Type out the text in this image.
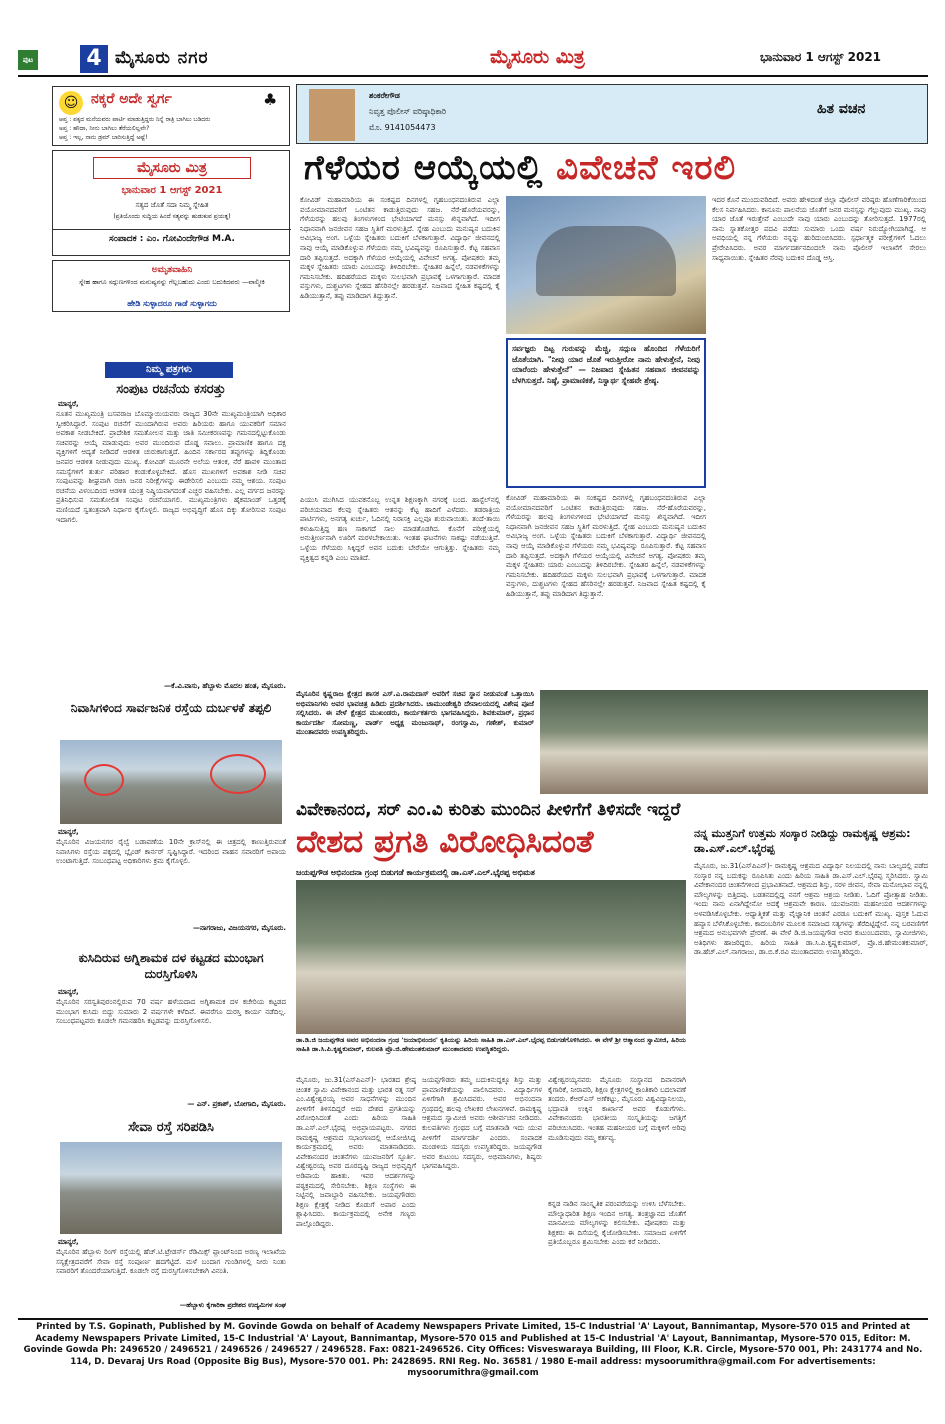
ಪುಟ 4 ಮೈಸೂರು ನಗರ	ಮೈಸೂರು ಮಿತ್ರ	ಭಾನುವಾರ 1 ಆಗಸ್ಟ್ 2021
☺ ನಕ್ಕರೆ ಅದೇ ಸ್ವರ್ಗ	♣
ಆಪ್ತ : ಪಕ್ಕದ ಮನೆಯವರು ಪಾರ್ಟಿ ಮಾಡುತ್ತಿದ್ದರು ನಿನ್ನೆ ರಾತ್ರಿ ಬಾಗಿಲು ಬಡಿದರು
ಅಪ್ತ : ಹೌದಾ, ನೀನು ಬಾಗಿಲು ತೆರೆಯಲಿಲ್ಲವೇ?
ಆಪ್ತ : ಇಲ್ಲ, ನಾನು ಡ್ರಮ್ ಬಾರಿಸುತ್ತಿದ್ದೆ ಅಷ್ಟೆ!
ಮೈಸೂರು ಮಿತ್ರ
ಭಾನುವಾರ 1 ಆಗಸ್ಟ್ 2021
ಸತ್ಯದ ಜೊತೆ ಸದಾ ನಿಮ್ಮ ಸ್ನೇಹಿತ
(ಪ್ರತಿಯೊಂದು ಸುದ್ದಿಯ ಹಿಂದೆ ಸತ್ಯವನ್ನು ಹುಡುಕುವ ಪ್ರಯತ್ನ)
ಸಂಪಾದಕ : ಎಂ. ಗೋವಿಂದೇಗೌಡ M.A.
ಅಮೃತವಾಹಿನಿ
ಸ್ನೇಹ ಹಾಗೂ ಸದ್ಗುಣಗಳಿಂದ ಮನುಷ್ಯನನ್ನು ಗೆಲ್ಲಬಹುದು ಎಂದು ಬದುಕಿದವರು —ವಾಲ್ಮೀಕಿ
ಹೇಡಿ ಸುಳ್ಳಾದರೂ ಗಾಡೆ ಸುಳ್ಳಾಗದು
ನಿಮ್ಮ ಪತ್ರಗಳು
ಸಂಪುಟ ರಚನೆಯ ಕಸರತ್ತು
ಮಾನ್ಯರೆ,
ನೂತನ ಮುಖ್ಯಮಂತ್ರಿ ಬಸವರಾಜ ಬೊಮ್ಮಾಯಿಯವರು ರಾಜ್ಯದ 30ನೇ ಮುಖ್ಯಮಂತ್ರಿಯಾಗಿ ಅಧಿಕಾರ ಸ್ವೀಕರಿಸಿದ್ದಾರೆ. ಸಂಪುಟ ರಚನೆಗೆ ಮುಂದಾಗಿರುವ ಅವರು ಹಿರಿಯರು ಹಾಗೂ ಯುವಕರಿಗೆ ಸಮಾನ ಅವಕಾಶ ನೀಡಬೇಕಿದೆ. ಪ್ರಾದೇಶಿಕ ಸಮತೋಲನ ಮತ್ತು ಜಾತಿ ಸಮೀಕರಣವನ್ನು ಗಮನದಲ್ಲಿಟ್ಟುಕೊಂಡು ಸಚಿವರನ್ನು ಆಯ್ಕೆ ಮಾಡುವುದು ಅವರ ಮುಂದಿರುವ ದೊಡ್ಡ ಸವಾಲು. ಪ್ರಾಮಾಣಿಕ ಹಾಗೂ ದಕ್ಷ ವ್ಯಕ್ತಿಗಳಿಗೆ ಆದ್ಯತೆ ನೀಡಿದರೆ ಆಡಳಿತ ಚುರುಕಾಗುತ್ತದೆ. ಹಿಂದಿನ ಸರ್ಕಾರದ ತಪ್ಪುಗಳನ್ನು ತಿದ್ದಿಕೊಂಡು ಜನಪರ ಆಡಳಿತ ನೀಡುವುದು ಮುಖ್ಯ. ಕೋವಿಡ್ ಮೂರನೇ ಅಲೆಯ ಆತಂಕ, ನೆರೆ ಹಾವಳಿ ಮುಂತಾದ ಸಮಸ್ಯೆಗಳಿಗೆ ತುರ್ತು ಪರಿಹಾರ ಕಂಡುಕೊಳ್ಳಬೇಕಿದೆ. ಹೊಸ ಮುಖಗಳಿಗೆ ಅವಕಾಶ ನೀಡಿ ಸಚಿವ ಸಂಪುಟವನ್ನು ಶೀಘ್ರವಾಗಿ ರಚಿಸಿ ಜನರ ನಿರೀಕ್ಷೆಗಳನ್ನು ಈಡೇರಿಸಲಿ ಎಂಬುದು ನಮ್ಮ ಆಶಯ. ಸಂಪುಟ ರಚನೆಯ ವಿಳಂಬದಿಂದ ಆಡಳಿತ ಯಂತ್ರ ನಿಷ್ಕ್ರಿಯವಾಗದಂತೆ ಎಚ್ಚರ ವಹಿಸಬೇಕು. ಎಲ್ಲ ವರ್ಗದ ಜನರನ್ನು ಪ್ರತಿನಿಧಿಸುವ ಸಮತೋಲಿತ ಸಂಪುಟ ರಚನೆಯಾಗಲಿ. ಮುಖ್ಯಮಂತ್ರಿಗಳು ಹೈಕಮಾಂಡ್ ಒತ್ತಡಕ್ಕೆ ಮಣಿಯದೆ ಸ್ವತಂತ್ರವಾಗಿ ನಿರ್ಧಾರ ಕೈಗೊಳ್ಳಲಿ. ರಾಜ್ಯದ ಅಭಿವೃದ್ಧಿಗೆ ಹೊಸ ದಿಕ್ಕು ತೋರಿಸುವ ಸಂಪುಟ ಇದಾಗಲಿ.
—ಕೆ.ವಿ.ವಾಸು, ಹೆಬ್ಬಾಳು ಮೊದಲ ಹಂತ, ಮೈಸೂರು.
ನಿವಾಸಿಗಳಿಂದ ಸಾರ್ವಜನಿಕ ರಸ್ತೆಯ ದುರ್ಬಳಕೆ ತಪ್ಪಲಿ
ಮಾನ್ಯರೆ,
ಮೈಸೂರಿನ ವಿಜಯನಗರ ರೈಲ್ವೆ ಬಡಾವಣೆಯ 10ನೇ ಕ್ರಾಸ್‌ನಲ್ಲಿ ಈ ಚಿತ್ರದಲ್ಲಿ ಕಾಣುತ್ತಿರುವಂತೆ ನಿವಾಸಿಗಳು ರಸ್ತೆಯ ಪಕ್ಕದಲ್ಲಿ ಬ್ಲೈಂಡ್ ಕಾರ್ನರ್ ಸೃಷ್ಟಿಸಿದ್ದಾರೆ. ಇದರಿಂದ ವಾಹನ ಸವಾರರಿಗೆ ಅಪಾಯ ಉಂಟಾಗುತ್ತಿದೆ. ಸಂಬಂಧಪಟ್ಟ ಅಧಿಕಾರಿಗಳು ಕ್ರಮ ಕೈಗೊಳ್ಳಲಿ.
—ನಾಗರಾಜು, ವಿಜಯನಗರ, ಮೈಸೂರು.
ಕುಸಿದಿರುವ ಅಗ್ನಿಶಾಮಕ ದಳ ಕಟ್ಟಡದ ಮುಂಭಾಗ ದುರಸ್ತಿಗೊಳಿಸಿ
ಮಾನ್ಯರೆ,
ಮೈಸೂರಿನ ಸರಸ್ವತಿಪುರಂನಲ್ಲಿರುವ 70 ವರ್ಷ ಹಳೆಯದಾದ ಅಗ್ನಿಶಾಮಕ ದಳ ಕಚೇರಿಯ ಕಟ್ಟಡದ ಮುಂಭಾಗ ಕುಸಿದು ಬಿದ್ದು ಸುಮಾರು 2 ವರ್ಷಗಳೇ ಕಳೆದಿವೆ. ಈವರೆಗೂ ದುರಸ್ತಿ ಕಾರ್ಯ ನಡೆದಿಲ್ಲ. ಸಂಬಂಧಪಟ್ಟವರು ಕೂಡಲೇ ಗಮನಹರಿಸಿ ಕಟ್ಟಡವನ್ನು ದುರಸ್ತಿಗೊಳಿಸಲಿ.
— ಎನ್. ಪ್ರಕಾಶ್, ಬೋಗಾದಿ, ಮೈಸೂರು.
ಸೇವಾ ರಸ್ತೆ ಸರಿಪಡಿಸಿ
ಮಾನ್ಯರೆ,
ಮೈಸೂರಿನ ಹೆಬ್ಬಾಳು ರಿಂಗ್ ರಸ್ತೆಯಲ್ಲಿ ಹೆಚ್.ಟಿ.ಟ್ರೇಡರ್ಸ್ ರೆಡಿಮಿಕ್ಸ್ ಪ್ಲಾಂಟ್‌ನಿಂದ ಅರಣ್ಯ ಇಲಾಖೆಯ ಸಸ್ಯಕ್ಷೇತ್ರದವರೆಗೆ ಸೇವಾ ರಸ್ತೆ ಸಂಪೂರ್ಣ ಹದಗೆಟ್ಟಿದೆ. ಮಳೆ ಬಂದಾಗ ಗುಂಡಿಗಳಲ್ಲಿ ನೀರು ನಿಂತು ಸವಾರರಿಗೆ ತೊಂದರೆಯಾಗುತ್ತಿದೆ. ಕೂಡಲೇ ರಸ್ತೆ ದುರಸ್ತಿಗೊಳಿಸಬೇಕಾಗಿ ವಿನಂತಿ.
—ಹೆಬ್ಬಾಳು ಕೈಗಾರಿಕಾ ಪ್ರದೇಶದ ಉದ್ಯಮಿಗಳ ಸಂಘ
ಶಂಕರೇಗೌಡ
ನಿವೃತ್ತ ಪೊಲೀಸ್ ವರಿಷ್ಠಾಧಿಕಾರಿ
ಮೊ. 9141054473
ಹಿತ ವಚನ
ಗೆಳೆಯರ ಆಯ್ಕೆಯಲ್ಲಿ ವಿವೇಚನೆ ಇರಲಿ
ಕೋವಿಡ್ ಮಹಾಮಾರಿಯ ಈ ಸಂಕಷ್ಟದ ದಿನಗಳಲ್ಲಿ ಗೃಹಬಂಧನದಂತಿರುವ ಎಲ್ಲಾ ವಯೋಮಾನದವರಿಗೆ ಒಂಟಿತನ ಕಾಡುತ್ತಿರುವುದು ಸಹಜ. ನೆರೆ-ಹೊರೆಯವರನ್ನು, ಗೆಳೆಯರನ್ನು ಹಲವು ತಿಂಗಳುಗಳಿಂದ ಭೇಟಿಯಾಗದೆ ಮನಸ್ಸು ಖಿನ್ನವಾಗಿದೆ. ಇದೀಗ ನಿಧಾನವಾಗಿ ಜನಜೀವನ ಸಹಜ ಸ್ಥಿತಿಗೆ ಮರಳುತ್ತಿದೆ. ಸ್ನೇಹ ಎಂಬುದು ಮನುಷ್ಯನ ಬದುಕಿನ ಅವಿಭಾಜ್ಯ ಅಂಗ. ಒಳ್ಳೆಯ ಸ್ನೇಹಿತರು ಬದುಕಿಗೆ ಬೆಳಕಾಗುತ್ತಾರೆ. ವಿದ್ಯಾರ್ಥಿ ಜೀವನದಲ್ಲಿ ನಾವು ಆಯ್ಕೆ ಮಾಡಿಕೊಳ್ಳುವ ಗೆಳೆಯರು ನಮ್ಮ ಭವಿಷ್ಯವನ್ನು ರೂಪಿಸುತ್ತಾರೆ. ಕೆಟ್ಟ ಸಹವಾಸ ದಾರಿ ತಪ್ಪಿಸುತ್ತದೆ. ಅದಕ್ಕಾಗಿ ಗೆಳೆಯರ ಆಯ್ಕೆಯಲ್ಲಿ ವಿವೇಚನೆ ಅಗತ್ಯ. ಪೋಷಕರು ತಮ್ಮ ಮಕ್ಕಳ ಸ್ನೇಹಿತರು ಯಾರು ಎಂಬುದನ್ನು ತಿಳಿದಿರಬೇಕು. ಸ್ನೇಹಿತರ ಹಿನ್ನೆಲೆ, ನಡವಳಿಕೆಗಳನ್ನು ಗಮನಿಸಬೇಕು. ಹದಿಹರೆಯದ ಮಕ್ಕಳು ಸುಲಭವಾಗಿ ಪ್ರಭಾವಕ್ಕೆ ಒಳಗಾಗುತ್ತಾರೆ. ಮಾದಕ ವಸ್ತುಗಳು, ದುಶ್ಚಟಗಳು ಸ್ನೇಹದ ಹೆಸರಿನಲ್ಲೇ ಹರಡುತ್ತವೆ. ನಿಜವಾದ ಸ್ನೇಹಿತ ಕಷ್ಟದಲ್ಲಿ ಕೈ ಹಿಡಿಯುತ್ತಾನೆ, ತಪ್ಪು ಮಾಡಿದಾಗ ತಿದ್ದುತ್ತಾನೆ.
ಪಿಯುಸಿ ಮುಗಿಸಿದ ಯುವಕನೊಬ್ಬ ಉನ್ನತ ಶಿಕ್ಷಣಕ್ಕಾಗಿ ನಗರಕ್ಕೆ ಬಂದ. ಹಾಸ್ಟೆಲ್‌ನಲ್ಲಿ ಪರಿಚಯವಾದ ಕೆಲವು ಸ್ನೇಹಿತರು ಆತನನ್ನು ಕೆಟ್ಟ ಹಾದಿಗೆ ಎಳೆದರು. ತಡರಾತ್ರಿಯ ಪಾರ್ಟಿಗಳು, ಅನಗತ್ಯ ಖರ್ಚು, ಓದಿನಲ್ಲಿ ನಿರಾಸಕ್ತಿ ಎಲ್ಲವೂ ಶುರುವಾಯಿತು. ತಂದೆ-ತಾಯಿ ಕಳುಹಿಸುತ್ತಿದ್ದ ಹಣ ಸಾಕಾಗದೆ ಸಾಲ ಮಾಡತೊಡಗಿದ. ಕೊನೆಗೆ ಪರೀಕ್ಷೆಯಲ್ಲಿ ಅನುತ್ತೀರ್ಣನಾಗಿ ಊರಿಗೆ ಮರಳಬೇಕಾಯಿತು. ಇಂತಹ ಘಟನೆಗಳು ಸಾಕಷ್ಟು ನಡೆಯುತ್ತಿವೆ. ಒಳ್ಳೆಯ ಗೆಳೆಯರು ಸಿಕ್ಕಿದ್ದರೆ ಅವನ ಬದುಕು ಬೇರೆಯೇ ಆಗುತ್ತಿತ್ತು. ಸ್ನೇಹಿತರು ನಮ್ಮ ವ್ಯಕ್ತಿತ್ವದ ಕನ್ನಡಿ ಎಂಬ ಮಾತಿದೆ.
ಸರ್ವಜ್ಞರು ದಿಟ್ಟ ಗುರುವನ್ನು ಮೆಚ್ಚಿ, ಸದ್ಗುಣ ಹೊಂದಿದ ಗೆಳೆಯರಿಗೆ ಜೊತೆಯಾಗಿ. "ನೀವು ಯಾರ ಜೊತೆ ಇರುತ್ತೀರೋ ನಾನು ಹೇಳುತ್ತೇನೆ, ನೀವು ಯಾರೆಂದು ಹೇಳುತ್ತೇನೆ" — ನಿಜವಾದ ಸ್ನೇಹಿತನ ಸಹವಾಸ ಜೀವನವನ್ನು ಬೆಳಗಿಸುತ್ತದೆ. ನಿಷ್ಠೆ, ಪ್ರಾಮಾಣಿಕತೆ, ನಿಸ್ವಾರ್ಥ ಸ್ನೇಹವೇ ಶ್ರೇಷ್ಠ.
ಕೋವಿಡ್ ಮಹಾಮಾರಿಯ ಈ ಸಂಕಷ್ಟದ ದಿನಗಳಲ್ಲಿ ಗೃಹಬಂಧನದಂತಿರುವ ಎಲ್ಲಾ ವಯೋಮಾನದವರಿಗೆ ಒಂಟಿತನ ಕಾಡುತ್ತಿರುವುದು ಸಹಜ. ನೆರೆ-ಹೊರೆಯವರನ್ನು, ಗೆಳೆಯರನ್ನು ಹಲವು ತಿಂಗಳುಗಳಿಂದ ಭೇಟಿಯಾಗದೆ ಮನಸ್ಸು ಖಿನ್ನವಾಗಿದೆ. ಇದೀಗ ನಿಧಾನವಾಗಿ ಜನಜೀವನ ಸಹಜ ಸ್ಥಿತಿಗೆ ಮರಳುತ್ತಿದೆ. ಸ್ನೇಹ ಎಂಬುದು ಮನುಷ್ಯನ ಬದುಕಿನ ಅವಿಭಾಜ್ಯ ಅಂಗ. ಒಳ್ಳೆಯ ಸ್ನೇಹಿತರು ಬದುಕಿಗೆ ಬೆಳಕಾಗುತ್ತಾರೆ. ವಿದ್ಯಾರ್ಥಿ ಜೀವನದಲ್ಲಿ ನಾವು ಆಯ್ಕೆ ಮಾಡಿಕೊಳ್ಳುವ ಗೆಳೆಯರು ನಮ್ಮ ಭವಿಷ್ಯವನ್ನು ರೂಪಿಸುತ್ತಾರೆ. ಕೆಟ್ಟ ಸಹವಾಸ ದಾರಿ ತಪ್ಪಿಸುತ್ತದೆ. ಅದಕ್ಕಾಗಿ ಗೆಳೆಯರ ಆಯ್ಕೆಯಲ್ಲಿ ವಿವೇಚನೆ ಅಗತ್ಯ. ಪೋಷಕರು ತಮ್ಮ ಮಕ್ಕಳ ಸ್ನೇಹಿತರು ಯಾರು ಎಂಬುದನ್ನು ತಿಳಿದಿರಬೇಕು. ಸ್ನೇಹಿತರ ಹಿನ್ನೆಲೆ, ನಡವಳಿಕೆಗಳನ್ನು ಗಮನಿಸಬೇಕು. ಹದಿಹರೆಯದ ಮಕ್ಕಳು ಸುಲಭವಾಗಿ ಪ್ರಭಾವಕ್ಕೆ ಒಳಗಾಗುತ್ತಾರೆ. ಮಾದಕ ವಸ್ತುಗಳು, ದುಶ್ಚಟಗಳು ಸ್ನೇಹದ ಹೆಸರಿನಲ್ಲೇ ಹರಡುತ್ತವೆ. ನಿಜವಾದ ಸ್ನೇಹಿತ ಕಷ್ಟದಲ್ಲಿ ಕೈ ಹಿಡಿಯುತ್ತಾನೆ, ತಪ್ಪು ಮಾಡಿದಾಗ ತಿದ್ದುತ್ತಾನೆ.
ಇದರ ಕೊನೆ ಮುಂದುವರಿದಿದೆ. ಅವರು ಹೇಳಿದಂತೆ ಜಿಲ್ಲಾ ಪೊಲೀಸ್ ವರಿಷ್ಠರು ಹೊಣೆಗಾರಿಕೆಯಿಂದ ಕೆಲಸ ನಿರ್ವಹಿಸಿದರು. ಕಾನೂನು ಪಾಲನೆಯ ಜೊತೆಗೆ ಜನರ ಮನಸ್ಸನ್ನು ಗೆಲ್ಲುವುದು ಮುಖ್ಯ. ನಾವು ಯಾರ ಜೊತೆ ಇರುತ್ತೇವೆ ಎಂಬುದೇ ನಾವು ಯಾರು ಎಂಬುದನ್ನು ತೋರಿಸುತ್ತದೆ. 1977ರಲ್ಲಿ ನಾನು ಸ್ನಾತಕೋತ್ತರ ಪದವಿ ಪಡೆದು ಸುಮಾರು ಒಂದು ವರ್ಷ ನಿರುದ್ಯೋಗಿಯಾಗಿದ್ದೆ. ಆ ಅವಧಿಯಲ್ಲಿ ನನ್ನ ಗೆಳೆಯರು ನನ್ನನ್ನು ಹುರಿದುಂಬಿಸಿದರು. ಸ್ಪರ್ಧಾತ್ಮಕ ಪರೀಕ್ಷೆಗಳಿಗೆ ಓದಲು ಪ್ರೇರೇಪಿಸಿದರು. ಅವರ ಮಾರ್ಗದರ್ಶನದಿಂದಲೇ ನಾನು ಪೊಲೀಸ್ ಇಲಾಖೆಗೆ ಸೇರಲು ಸಾಧ್ಯವಾಯಿತು. ಸ್ನೇಹಿತರ ನೆರವು ಬದುಕಿನ ದೊಡ್ಡ ಆಸ್ತಿ.
ಮೈಸೂರಿನ ಕೃಷ್ಣರಾಜ ಕ್ಷೇತ್ರದ ಶಾಸಕ ಎಸ್.ಎ.ರಾಮದಾಸ್ ಅವರಿಗೆ ಸಚಿವ ಸ್ಥಾನ ನೀಡುವಂತೆ ಒತ್ತಾಯಿಸಿ ಅಭಿಮಾನಿಗಳು ಅವರ ಭಾವಚಿತ್ರ ಹಿಡಿದು ಪ್ರದರ್ಶಿಸಿದರು. ಚಾಮುಂಡೇಶ್ವರಿ ದೇವಾಲಯದಲ್ಲಿ ವಿಶೇಷ ಪೂಜೆ ಸಲ್ಲಿಸಿದರು. ಈ ವೇಳೆ ಕ್ಷೇತ್ರದ ಮುಖಂಡರು, ಕಾರ್ಯಕರ್ತರು ಭಾಗವಹಿಸಿದ್ದರು. ಶಿವಕುಮಾರ್, ಪ್ರಧಾನ ಕಾರ್ಯದರ್ಶಿ ಸೋಮಣ್ಣ, ವಾರ್ಡ್ ಅಧ್ಯಕ್ಷ ಮಂಜುನಾಥ್, ರಂಗಸ್ವಾಮಿ, ಗಣೇಶ್, ಕುಮಾರ್ ಮುಂತಾದವರು ಉಪಸ್ಥಿತರಿದ್ದರು.
ವಿವೇಕಾನಂದ, ಸರ್ ಎಂ.ವಿ ಕುರಿತು ಮುಂದಿನ ಪೀಳಿಗೆಗೆ ತಿಳಿಸದೇ ಇದ್ದರೆ
ದೇಶದ ಪ್ರಗತಿ ವಿರೋಧಿಸಿದಂತೆ
ಜಯಪ್ಪಗೌಡ ಅಭಿನಂದನಾ ಗ್ರಂಥ ಬಿಡುಗಡೆ ಕಾರ್ಯಕ್ರಮದಲ್ಲಿ ಡಾ.ಎಸ್.ಎಲ್.ಭೈರಪ್ಪ ಅಭಿಮತ
ಡಾ.ಡಿ.ಜಿ ಜಯಪ್ಪಗೌಡ ಅವರ ಅಭಿನಂದನಾ ಗ್ರಂಥ 'ಜಯಾಭಿನಂದನ' ಕೃತಿಯನ್ನು ಹಿರಿಯ ಸಾಹಿತಿ ಡಾ.ಎಸ್.ಎಲ್.ಭೈರಪ್ಪ ಬಿಡುಗಡೆಗೊಳಿಸಿದರು. ಈ ವೇಳೆ ಶ್ರೀ ಆತ್ಮಾನಂದ ಸ್ವಾಮೀಜಿ, ಹಿರಿಯ ಸಾಹಿತಿ ಡಾ.ಸಿ.ಪಿ.ಕೃಷ್ಣಕುಮಾರ್, ಕುಲಪತಿ ಪ್ರೊ.ಜಿ.ಹೇಮಂತಕುಮಾರ್ ಮುಂತಾದವರು ಉಪಸ್ಥಿತರಿದ್ದರು.
ಮೈಸೂರು, ಜು.31(ಎಸ್‌ಪಿಎನ್)- ಭಾರತದ ಶ್ರೇಷ್ಠ ಚಿಂತಕ ಸ್ವಾಮಿ ವಿವೇಕಾನಂದ ಮತ್ತು ಭಾರತ ರತ್ನ ಸರ್ ಎಂ.ವಿಶ್ವೇಶ್ವರಯ್ಯ ಅವರ ಸಾಧನೆಗಳನ್ನು ಮುಂದಿನ ಪೀಳಿಗೆಗೆ ತಿಳಿಸದಿದ್ದರೆ ಅದು ದೇಶದ ಪ್ರಗತಿಯನ್ನು ವಿರೋಧಿಸಿದಂತೆ ಎಂದು ಹಿರಿಯ ಸಾಹಿತಿ ಡಾ.ಎಸ್.ಎಲ್.ಭೈರಪ್ಪ ಅಭಿಪ್ರಾಯಪಟ್ಟರು. ನಗರದ ರಾಮಕೃಷ್ಣ ಆಶ್ರಮದ ಸಭಾಂಗಣದಲ್ಲಿ ಆಯೋಜಿಸಿದ್ದ ಕಾರ್ಯಕ್ರಮದಲ್ಲಿ ಅವರು ಮಾತನಾಡಿದರು. ವಿವೇಕಾನಂದರ ಚಿಂತನೆಗಳು ಯುವಜನರಿಗೆ ಸ್ಫೂರ್ತಿ. ವಿಶ್ವೇಶ್ವರಯ್ಯ ಅವರ ದೂರದೃಷ್ಟಿ ರಾಜ್ಯದ ಅಭಿವೃದ್ಧಿಗೆ ಅಡಿಪಾಯ ಹಾಕಿತು. ಇವರ ಆದರ್ಶಗಳನ್ನು ಪಠ್ಯಕ್ರಮದಲ್ಲಿ ಸೇರಿಸಬೇಕು. ಶಿಕ್ಷಣ ಸಂಸ್ಥೆಗಳು ಈ ನಿಟ್ಟಿನಲ್ಲಿ ಜವಾಬ್ದಾರಿ ವಹಿಸಬೇಕು. ಜಯಪ್ಪಗೌಡರು ಶಿಕ್ಷಣ ಕ್ಷೇತ್ರಕ್ಕೆ ನೀಡಿದ ಕೊಡುಗೆ ಅಪಾರ ಎಂದು ಶ್ಲಾಘಿಸಿದರು. ಕಾರ್ಯಕ್ರಮದಲ್ಲಿ ಅನೇಕ ಗಣ್ಯರು ಪಾಲ್ಗೊಂಡಿದ್ದರು.
ಜಯಪ್ಪಗೌಡರು ತಮ್ಮ ಬದುಕಿನುದ್ದಕ್ಕೂ ಶಿಸ್ತು ಮತ್ತು ಪ್ರಾಮಾಣಿಕತೆಯನ್ನು ಪಾಲಿಸಿದವರು. ವಿದ್ಯಾರ್ಥಿಗಳ ಏಳಿಗೆಗಾಗಿ ಶ್ರಮಿಸಿದವರು. ಅವರ ಅಭಿನಂದನಾ ಗ್ರಂಥದಲ್ಲಿ ಹಲವು ಲೇಖಕರ ಲೇಖನಗಳಿವೆ. ರಾಮಕೃಷ್ಣ ಆಶ್ರಮದ ಸ್ವಾಮೀಜಿ ಅವರು ಆಶೀರ್ವಚನ ನೀಡಿದರು. ಕುಲಪತಿಗಳು ಗ್ರಂಥದ ಬಗ್ಗೆ ಮಾತನಾಡಿ ಇದು ಯುವ ಪೀಳಿಗೆಗೆ ಮಾರ್ಗದರ್ಶಿ ಎಂದರು. ಸಂಪಾದಕ ಮಂಡಳಿಯ ಸದಸ್ಯರು ಉಪಸ್ಥಿತರಿದ್ದರು. ಜಯಪ್ಪಗೌಡ ಅವರ ಕುಟುಂಬ ಸದಸ್ಯರು, ಅಭಿಮಾನಿಗಳು, ಶಿಷ್ಯರು ಭಾಗವಹಿಸಿದ್ದರು.
ವಿಶ್ವೇಶ್ವರಯ್ಯನವರು ಮೈಸೂರು ಸಂಸ್ಥಾನದ ದಿವಾನರಾಗಿ ಕೈಗಾರಿಕೆ, ನೀರಾವರಿ, ಶಿಕ್ಷಣ ಕ್ಷೇತ್ರಗಳಲ್ಲಿ ಕ್ರಾಂತಿಕಾರಿ ಬದಲಾವಣೆ ತಂದರು. ಕೆಆರ್‌ಎಸ್ ಅಣೆಕಟ್ಟು, ಮೈಸೂರು ವಿಶ್ವವಿದ್ಯಾನಿಲಯ, ಭದ್ರಾವತಿ ಉಕ್ಕಿನ ಕಾರ್ಖಾನೆ ಅವರ ಕೊಡುಗೆಗಳು. ವಿವೇಕಾನಂದರು ಭಾರತೀಯ ಸಂಸ್ಕೃತಿಯನ್ನು ಜಗತ್ತಿಗೆ ಪರಿಚಯಿಸಿದರು. ಇಂತಹ ಮಹನೀಯರ ಬಗ್ಗೆ ಮಕ್ಕಳಿಗೆ ಅರಿವು ಮೂಡಿಸುವುದು ನಮ್ಮ ಕರ್ತವ್ಯ.
ಕನ್ನಡ ನಾಡಿನ ಸಾಂಸ್ಕೃತಿಕ ಪರಂಪರೆಯನ್ನು ಉಳಿಸಿ ಬೆಳೆಸಬೇಕು. ಮೌಲ್ಯಾಧಾರಿತ ಶಿಕ್ಷಣ ಇಂದಿನ ಅಗತ್ಯ. ತಂತ್ರಜ್ಞಾನದ ಜೊತೆಗೆ ಮಾನವೀಯ ಮೌಲ್ಯಗಳನ್ನು ಕಲಿಸಬೇಕು. ಪೋಷಕರು ಮತ್ತು ಶಿಕ್ಷಕರು ಈ ದಿಸೆಯಲ್ಲಿ ಕೈಜೋಡಿಸಬೇಕು. ಸಮಾಜದ ಏಳಿಗೆಗೆ ಪ್ರತಿಯೊಬ್ಬರೂ ಶ್ರಮಿಸಬೇಕು ಎಂದು ಕರೆ ನೀಡಿದರು.
ನನ್ನ ಮುತ್ತನಿಗೆ ಉತ್ತಮ ಸಂಸ್ಕಾರ ನೀಡಿದ್ದು ರಾಮಕೃಷ್ಣ ಆಶ್ರಮ: ಡಾ.ಎಸ್.ಎಲ್.ಭೈರಪ್ಪ
ಮೈಸೂರು, ಜು.31(ಎಸ್‌ಪಿಎನ್)- ರಾಮಕೃಷ್ಣ ಆಶ್ರಮದ ವಿದ್ಯಾರ್ಥಿ ನಿಲಯದಲ್ಲಿ ನಾನು ಬಾಲ್ಯದಲ್ಲಿ ಪಡೆದ ಸಂಸ್ಕಾರ ನನ್ನ ಬದುಕನ್ನು ರೂಪಿಸಿತು ಎಂದು ಹಿರಿಯ ಸಾಹಿತಿ ಡಾ.ಎಸ್.ಎಲ್.ಭೈರಪ್ಪ ಸ್ಮರಿಸಿದರು. ಸ್ವಾಮಿ ವಿವೇಕಾನಂದರ ಚಿಂತನೆಗಳಿಂದ ಪ್ರಭಾವಿತನಾದೆ. ಆಶ್ರಮದ ಶಿಸ್ತು, ಸರಳ ಜೀವನ, ಸೇವಾ ಮನೋಭಾವ ನನ್ನಲ್ಲಿ ಮೌಲ್ಯಗಳನ್ನು ಬಿತ್ತಿದವು. ಬಡತನದಲ್ಲಿದ್ದ ನನಗೆ ಆಶ್ರಮ ಆಶ್ರಯ ನೀಡಿತು. ಓದಿಗೆ ಪ್ರೋತ್ಸಾಹ ನೀಡಿತು. ಇಂದು ನಾನು ಏನಾಗಿದ್ದೇನೋ ಅದಕ್ಕೆ ಆಶ್ರಮವೇ ಕಾರಣ. ಯುವಜನರು ಮಹನೀಯರ ಆದರ್ಶಗಳನ್ನು ಅಳವಡಿಸಿಕೊಳ್ಳಬೇಕು. ಆಧ್ಯಾತ್ಮಿಕತೆ ಮತ್ತು ವೈಜ್ಞಾನಿಕ ಚಿಂತನೆ ಎರಡೂ ಬದುಕಿಗೆ ಮುಖ್ಯ. ಪುಸ್ತಕ ಓದುವ ಹವ್ಯಾಸ ಬೆಳೆಸಿಕೊಳ್ಳಬೇಕು. ಕಾದಂಬರಿಗಳ ಮೂಲಕ ಸಮಾಜದ ಸತ್ಯಗಳನ್ನು ತೆರೆದಿಟ್ಟಿದ್ದೇನೆ. ನನ್ನ ಬರವಣಿಗೆಗೆ ಆಶ್ರಮದ ಅನುಭವಗಳೇ ಪ್ರೇರಣೆ. ಈ ವೇಳೆ ಡಿ.ಜಿ.ಜಯಪ್ಪಗೌಡ ಅವರ ಕುಟುಂಬದವರು, ಸ್ವಾಮೀಜಿಗಳು, ಅತಿಥಿಗಳು ಹಾಜರಿದ್ದರು. ಹಿರಿಯ ಸಾಹಿತಿ ಡಾ.ಸಿ.ಪಿ.ಕೃಷ್ಣಕುಮಾರ್, ಪ್ರೊ.ಜಿ.ಹೇಮಂತಕುಮಾರ್, ಡಾ.ಹೆಚ್.ಎಲ್.ನಾಗರಾಜು, ಡಾ.ಬಿ.ಕೆ.ರವಿ ಮುಂತಾದವರು ಉಪಸ್ಥಿತರಿದ್ದರು.
Printed by T.S. Gopinath, Published by M. Govinde Gowda on behalf of Academy Newspapers Private Limited, 15-C Industrial 'A' Layout, Bannimantap, Mysore-570 015 and Printed at Academy Newspapers Private Limited, 15-C Industrial 'A' Layout, Bannimantap, Mysore-570 015 and Published at 15-C Industrial 'A' Layout, Bannimantap, Mysore-570 015, Editor: M. Govinde Gowda Ph: 2496520 / 2496521 / 2496526 / 2496527 / 2496528. Fax: 0821-2496526. City Offices: Visveswaraya Building, III Floor, K.R. Circle, Mysore-570 001, Ph: 2431774 and No. 114, D. Devaraj Urs Road (Opposite Big Bus), Mysore-570 001. Ph: 2428695. RNI Reg. No. 36581 / 1980 E-mail address: mysoorumithra@gmail.com For advertisements: mysoorumithra@gmail.com
